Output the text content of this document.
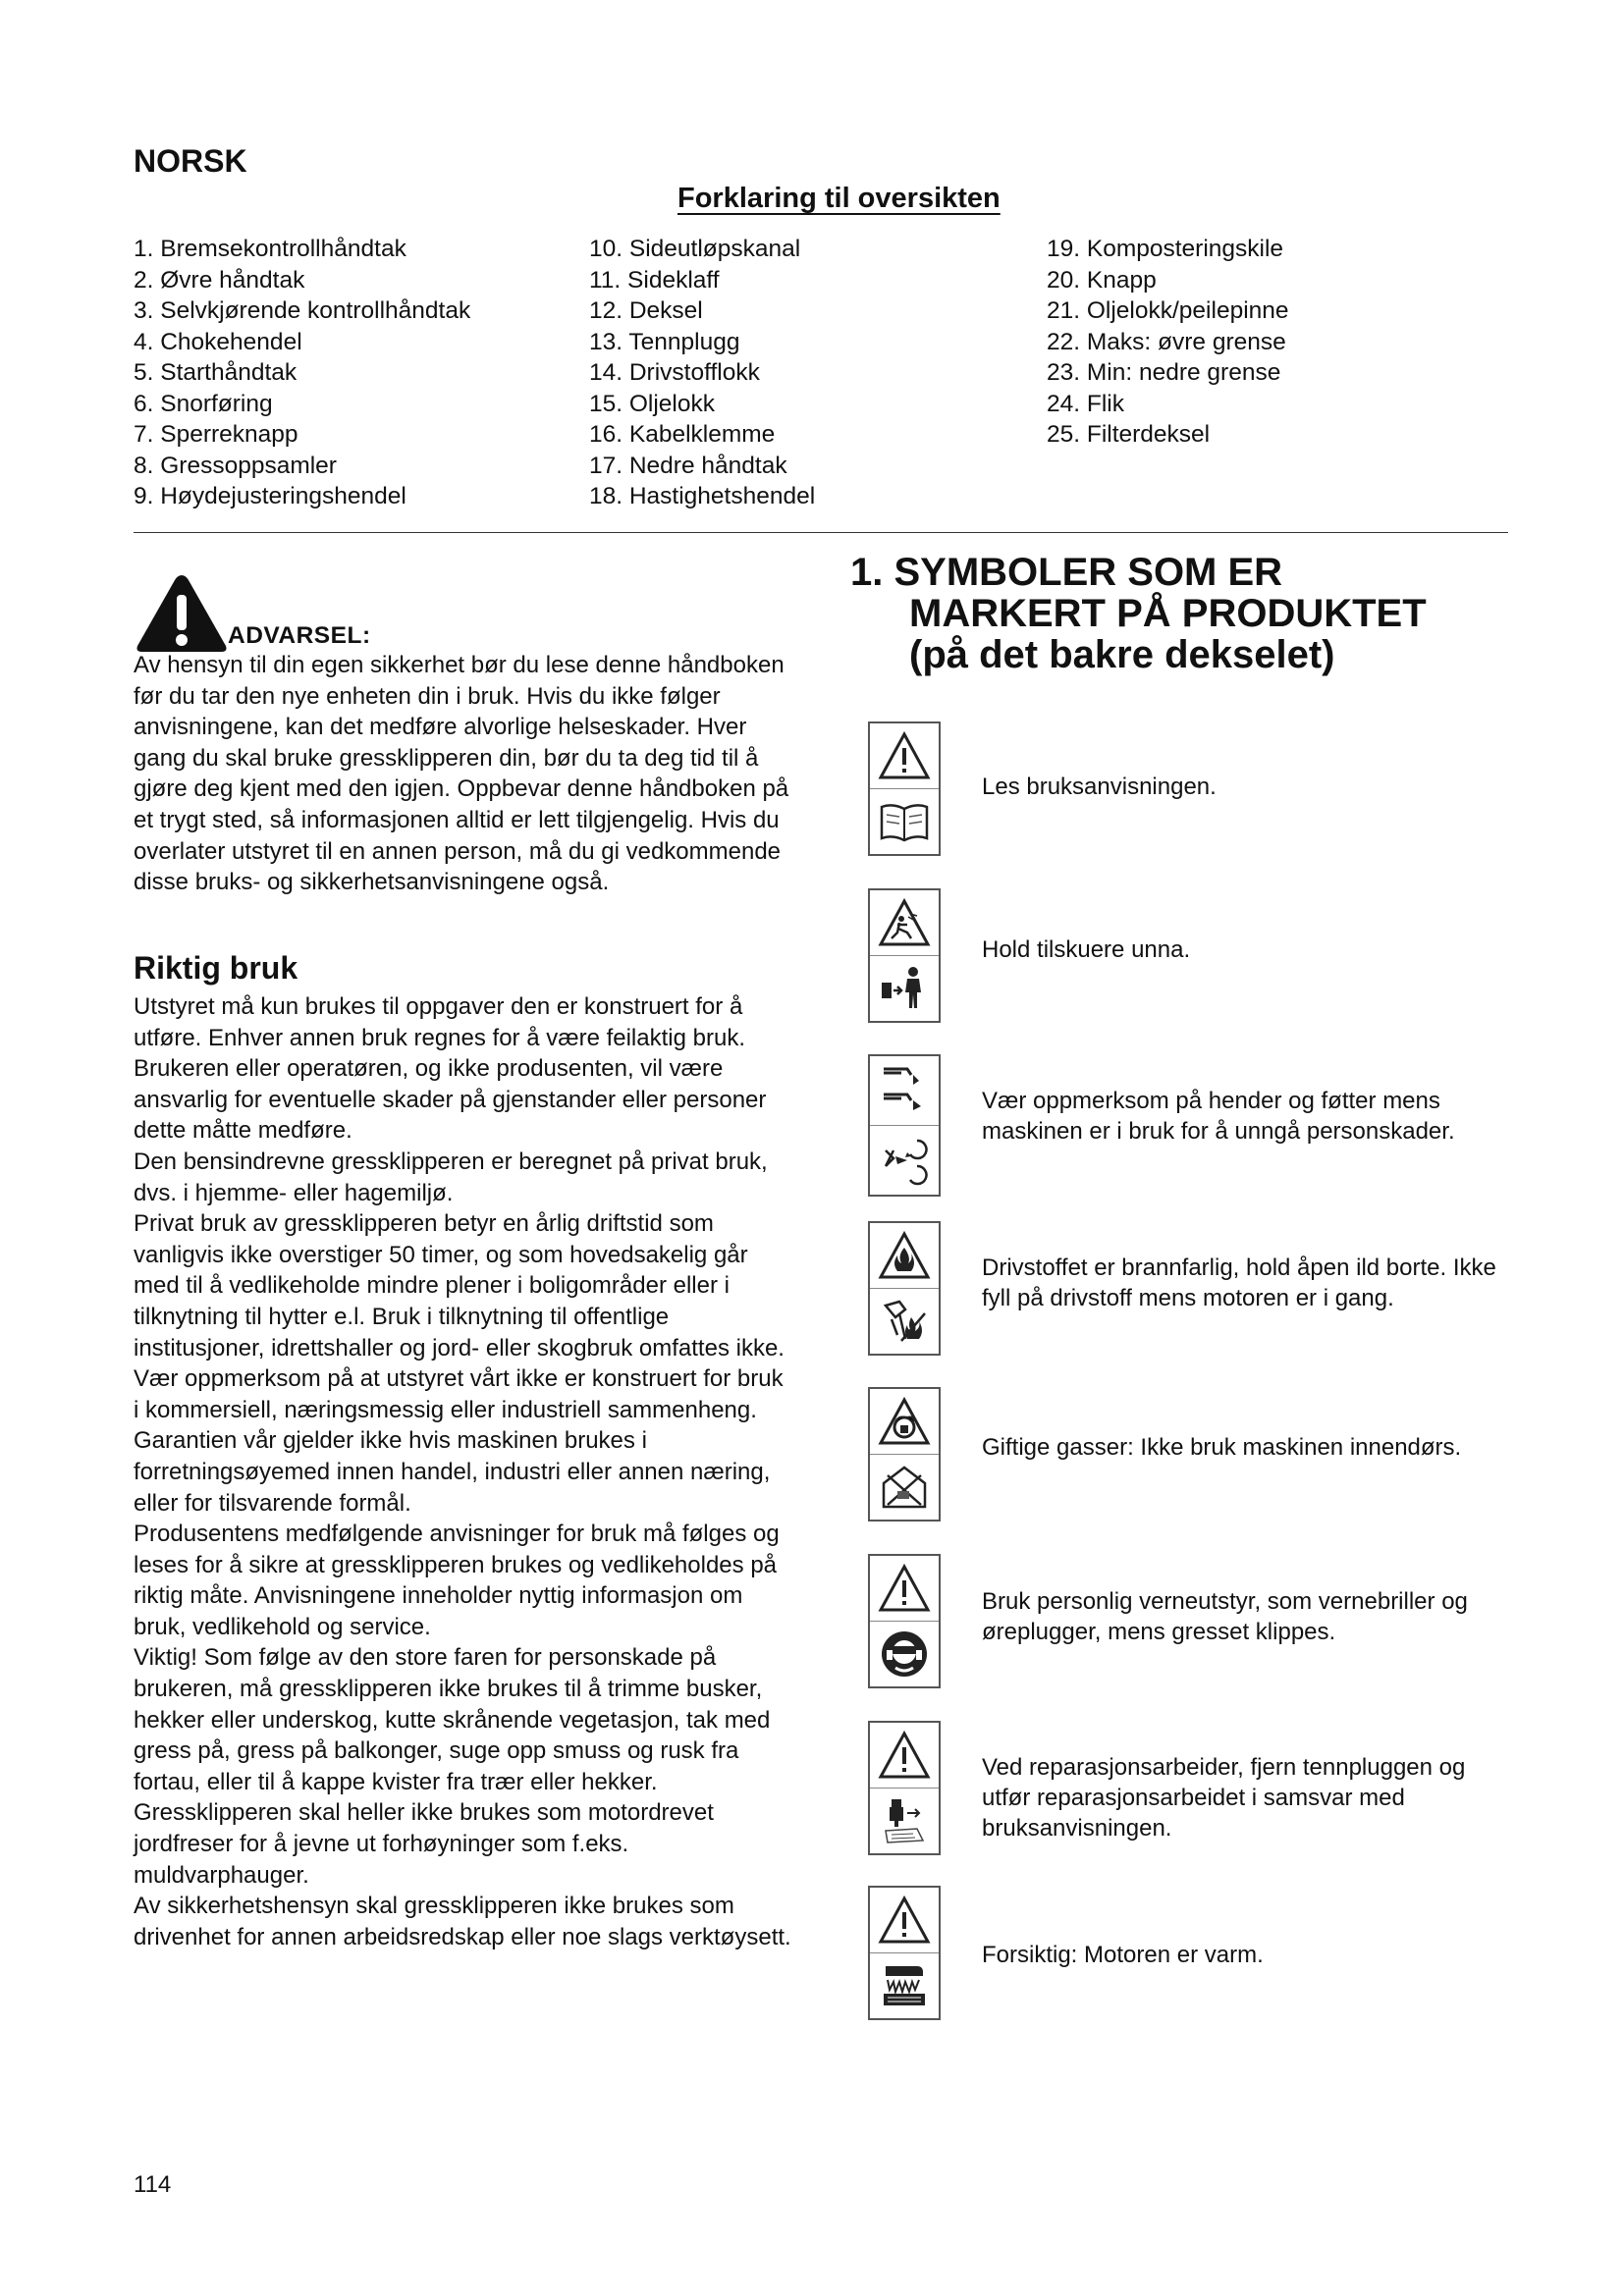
NORSK
Forklaring til oversikten
1. Bremsekontrollhåndtak
2. Øvre håndtak
3. Selvkjørende kontrollhåndtak
4. Chokehendel
5. Starthåndtak
6. Snorføring
7. Sperreknapp
8. Gressoppsamler
9. Høydejusteringshendel
10. Sideutløpskanal
11. Sideklaff
12. Deksel
13. Tennplugg
14. Drivstofflokk
15. Oljelokk
16. Kabelklemme
17. Nedre håndtak
18. Hastighetshendel
19. Komposteringskile
20. Knapp
21. Oljelokk/peilepinne
22. Maks: øvre grense
23. Min: nedre grense
24. Flik
25. Filterdeksel
ADVARSEL:

Av hensyn til din egen sikkerhet bør du lese denne håndboken før du tar den nye enheten din i bruk. Hvis du ikke følger anvisningene, kan det medføre alvorlige helseskader. Hver gang du skal bruke gressklipperen din, bør du ta deg tid til å gjøre deg kjent med den igjen. Oppbevar denne håndboken på et trygt sted, så informasjonen alltid er lett tilgjengelig. Hvis du overlater utstyret til en annen person, må du gi vedkommende disse bruks- og sikkerhetsanvisningene også.

Riktig bruk

Utstyret må kun brukes til oppgaver den er konstruert for å utføre. Enhver annen bruk regnes for å være feilaktig bruk. Brukeren eller operatøren, og ikke produsenten, vil være ansvarlig for eventuelle skader på gjenstander eller personer dette måtte medføre.

Den bensindrevne gressklipperen er beregnet på privat bruk, dvs. i hjemme- eller hagemiljø.

Privat bruk av gressklipperen betyr en årlig driftstid som vanligvis ikke overstiger 50 timer, og som hovedsakelig går med til å vedlikeholde mindre plener i boligområder eller i tilknytning til hytter e.l. Bruk i tilknytning til offentlige institusjoner, idrettshaller og jord- eller skogbruk omfattes ikke.

Vær oppmerksom på at utstyret vårt ikke er konstruert for bruk i kommersiell, næringsmessig eller industriell sammenheng. Garantien vår gjelder ikke hvis maskinen brukes i forretningsøyemed innen handel, industri eller annen næring, eller for tilsvarende formål.

Produsentens medfølgende anvisninger for bruk må følges og leses for å sikre at gressklipperen brukes og vedlikeholdes på riktig måte. Anvisningene inneholder nyttig informasjon om bruk, vedlikehold og service.

Viktig! Som følge av den store faren for personskade på brukeren, må gressklipperen ikke brukes til å trimme busker, hekker eller underskog, kutte skrånende vegetasjon, tak med gress på, gress på balkonger, suge opp smuss og rusk fra fortau, eller til å kappe kvister fra trær eller hekker. Gressklipperen skal heller ikke brukes som motordrevet jordfreser for å jevne ut forhøyninger som f.eks. muldvarphauger.

Av sikkerhetshensyn skal gressklipperen ikke brukes som drivenhet for annen arbeidsredskap eller noe slags verktøysett.

1. SYMBOLER SOM ER
MARKERT PÅ PRODUKTET
(på det bakre dekselet)
Les bruksanvisningen.
Hold tilskuere unna.
Vær oppmerksom på hender og føtter mens maskinen er i bruk for å unngå personskader.
Drivstoffet er brannfarlig, hold åpen ild borte. Ikke fyll på drivstoff mens motoren er i gang.
Giftige gasser: Ikke bruk maskinen innendørs.
Bruk personlig verneutstyr, som vernebriller og øreplugger, mens gresset klippes.
Ved reparasjonsarbeider, fjern tennpluggen og utfør reparasjonsarbeidet i samsvar med bruksanvisningen.
Forsiktig: Motoren er varm.
114
